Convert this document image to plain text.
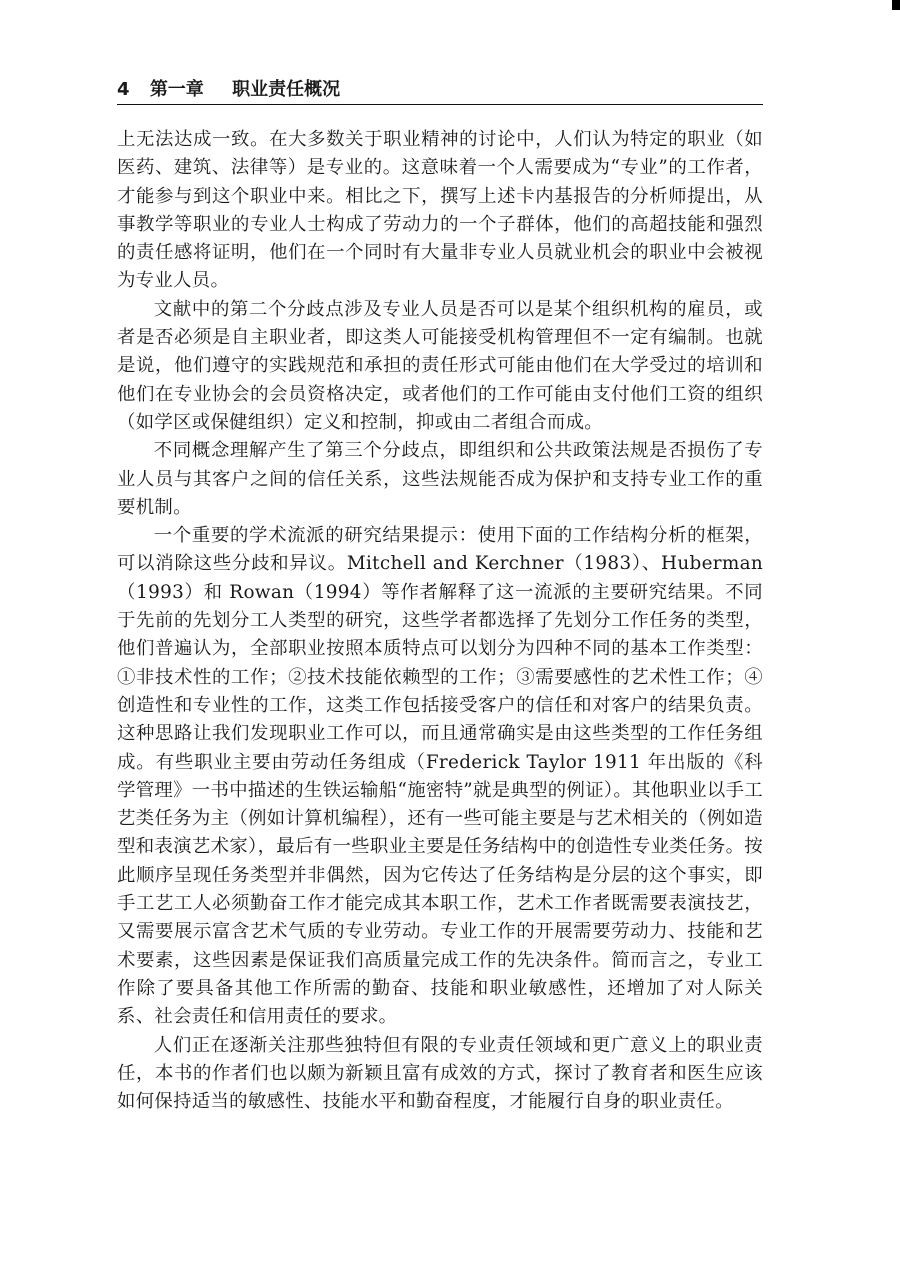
4 第一章 职业责任概况

上无法达成一致。在大多数关于职业精神的讨论中，人们认为特定的职业（如医药、建筑、法律等）是专业的。这意味着一个人需要成为“专业”的工作者，才能参与到这个职业中来。相比之下，撰写上述卡内基报告的分析师提出，从事教学等职业的专业人士构成了劳动力的一个子群体，他们的高超技能和强烈的责任感将证明，他们在一个同时有大量非专业人员就业机会的职业中会被视为专业人员。

文献中的第二个分歧点涉及专业人员是否可以是某个组织机构的雇员，或者是否必须是自主职业者，即这类人可能接受机构管理但不一定有编制。也就是说，他们遵守的实践规范和承担的责任形式可能由他们在大学受过的培训和他们在专业协会的会员资格决定，或者他们的工作可能由支付他们工资的组织（如学区或保健组织）定义和控制，抑或由二者组合而成。

不同概念理解产生了第三个分歧点，即组织和公共政策法规是否损伤了专业人员与其客户之间的信任关系，这些法规能否成为保护和支持专业工作的重要机制。

一个重要的学术流派的研究结果提示：使用下面的工作结构分析的框架，可以消除这些分歧和异议。Mitchell and Kerchner（1983）、Huberman（1993）和 Rowan（1994）等作者解释了这一流派的主要研究结果。不同于先前的先划分工人类型的研究，这些学者都选择了先划分工作任务的类型，他们普遍认为，全部职业按照本质特点可以划分为四种不同的基本工作类型：①非技术性的工作；②技术技能依赖型的工作；③需要感性的艺术性工作；④创造性和专业性的工作，这类工作包括接受客户的信任和对客户的结果负责。这种思路让我们发现职业工作可以，而且通常确实是由这些类型的工作任务组成。有些职业主要由劳动任务组成（Frederick Taylor 1911 年出版的《科学管理》一书中描述的生铁运输船“施密特”就是典型的例证）。其他职业以手工艺类任务为主（例如计算机编程），还有一些可能主要是与艺术相关的（例如造型和表演艺术家），最后有一些职业主要是任务结构中的创造性专业类任务。按此顺序呈现任务类型并非偶然，因为它传达了任务结构是分层的这个事实，即手工艺工人必须勤奋工作才能完成其本职工作，艺术工作者既需要表演技艺，又需要展示富含艺术气质的专业劳动。专业工作的开展需要劳动力、技能和艺术要素，这些因素是保证我们高质量完成工作的先决条件。简而言之，专业工作除了要具备其他工作所需的勤奋、技能和职业敏感性，还增加了对人际关系、社会责任和信用责任的要求。

人们正在逐渐关注那些独特但有限的专业责任领域和更广意义上的职业责任，本书的作者们也以颇为新颖且富有成效的方式，探讨了教育者和医生应该如何保持适当的敏感性、技能水平和勤奋程度，才能履行自身的职业责任。
